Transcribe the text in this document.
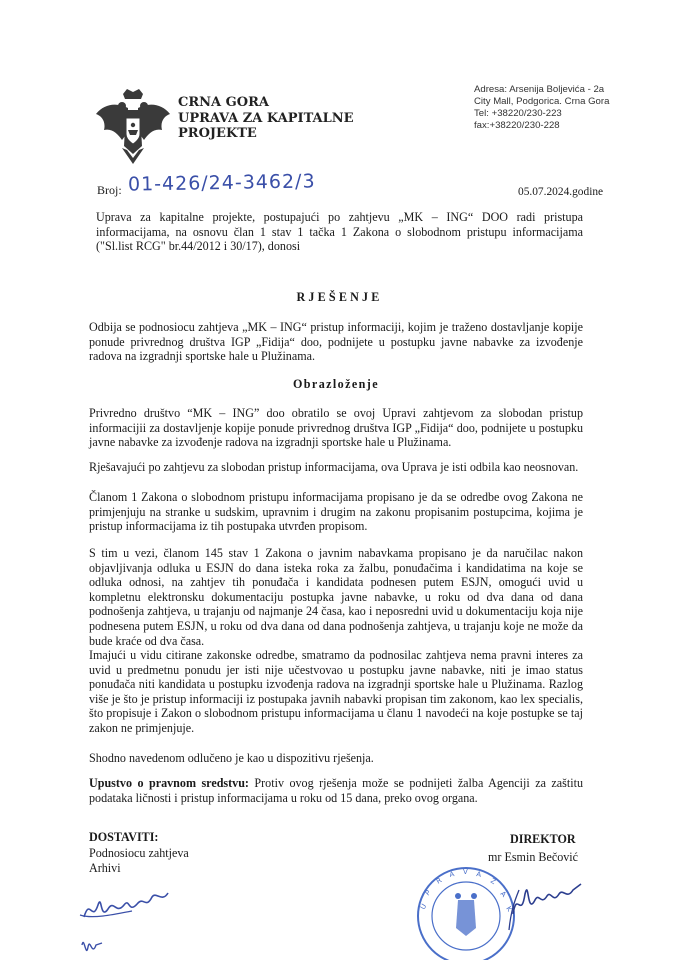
CRNA GORA
UPRAVA ZA KAPITALNE
PROJEKTE
Adresa: Arsenija Boljevića - 2a
City Mall, Podgorica. Crna Gora
Tel: +38220/230-223
fax:+38220/230-228
Broj: 01-426/24-3462/3	05.07.2024.godine

Uprava za kapitalne projekte, postupajući po zahtjevu „MK – ING“ DOO radi pristupa informacijama, na osnovu član 1 stav 1 tačka 1 Zakona o slobodnom pristupu informacijama ("Sl.list RCG" br.44/2012 i 30/17), donosi

RJEŠENJE

Odbija se podnosiocu zahtjeva „MK – ING“ pristup informaciji, kojim je traženo dostavljanje kopije ponude privrednog društva IGP „Fidija“ doo, podnijete u postupku javne nabavke za izvođenje radova na izgradnji sportske hale u Plužinama.

Obrazloženje

Privredno društvo “MK – ING” doo obratilo se ovoj Upravi zahtjevom za slobodan pristup informacijii za dostavljenje kopije ponude privrednog društva IGP „Fidija“ doo, podnijete u postupku javne nabavke za izvođenje radova na izgradnji sportske hale u Plužinama.

Rješavajući po zahtjevu za slobodan pristup informacijama, ova Uprava je isti odbila kao neosnovan.

Članom 1 Zakona o slobodnom pristupu informacijama propisano je da se odredbe ovog Zakona ne primjenjuju na stranke u sudskim, upravnim i drugim na zakonu propisanim postupcima, kojima je pristup informacijama iz tih postupaka utvrđen propisom.

S tim u vezi, članom 145 stav 1 Zakona o javnim nabavkama propisano je da naručilac nakon objavljivanja odluka u ESJN do dana isteka roka za žalbu, ponuđačima i kandidatima na koje se odluka odnosi, na zahtjev tih ponuđača i kandidata podnesen putem ESJN, omogući uvid u kompletnu elektronsku dokumentaciju postupka javne nabavke, u roku od dva dana od dana podnošenja zahtjeva, u trajanju od najmanje 24 časa, kao i neposredni uvid u dokumentaciju koja nije podnesena putem ESJN, u roku od dva dana od dana podnošenja zahtjeva, u trajanju koje ne može da bude kraće od dva časa.

Imajući u vidu citirane zakonske odredbe, smatramo da podnosilac zahtjeva nema pravni interes za uvid u predmetnu ponudu jer isti nije učestvovao u postupku javne nabavke, niti je imao status ponuđača niti kandidata u postupku izvođenja radova na izgradnji sportske hale u Plužinama. Razlog više je što je pristup informaciji iz postupaka javnih nabavki propisan tim zakonom, kao lex specialis, što propisuje i Zakon o slobodnom pristupu informacijama u članu 1 navodeći na koje postupke se taj zakon ne primjenjuje.

Shodno navedenom odlučeno je kao u dispozitivu rješenja.

Upustvo o pravnom sredstvu: Protiv ovog rješenja može se podnijeti žalba Agenciji za zaštitu podataka ličnosti i pristup informacijama u roku od 15 dana, preko ovog organa.

DOSTAVITI:

Podnosiocu zahtjeva

Arhivi

DIREKTOR

mr Esmin Bečović

U
P
R
A V A
Z
A
K
